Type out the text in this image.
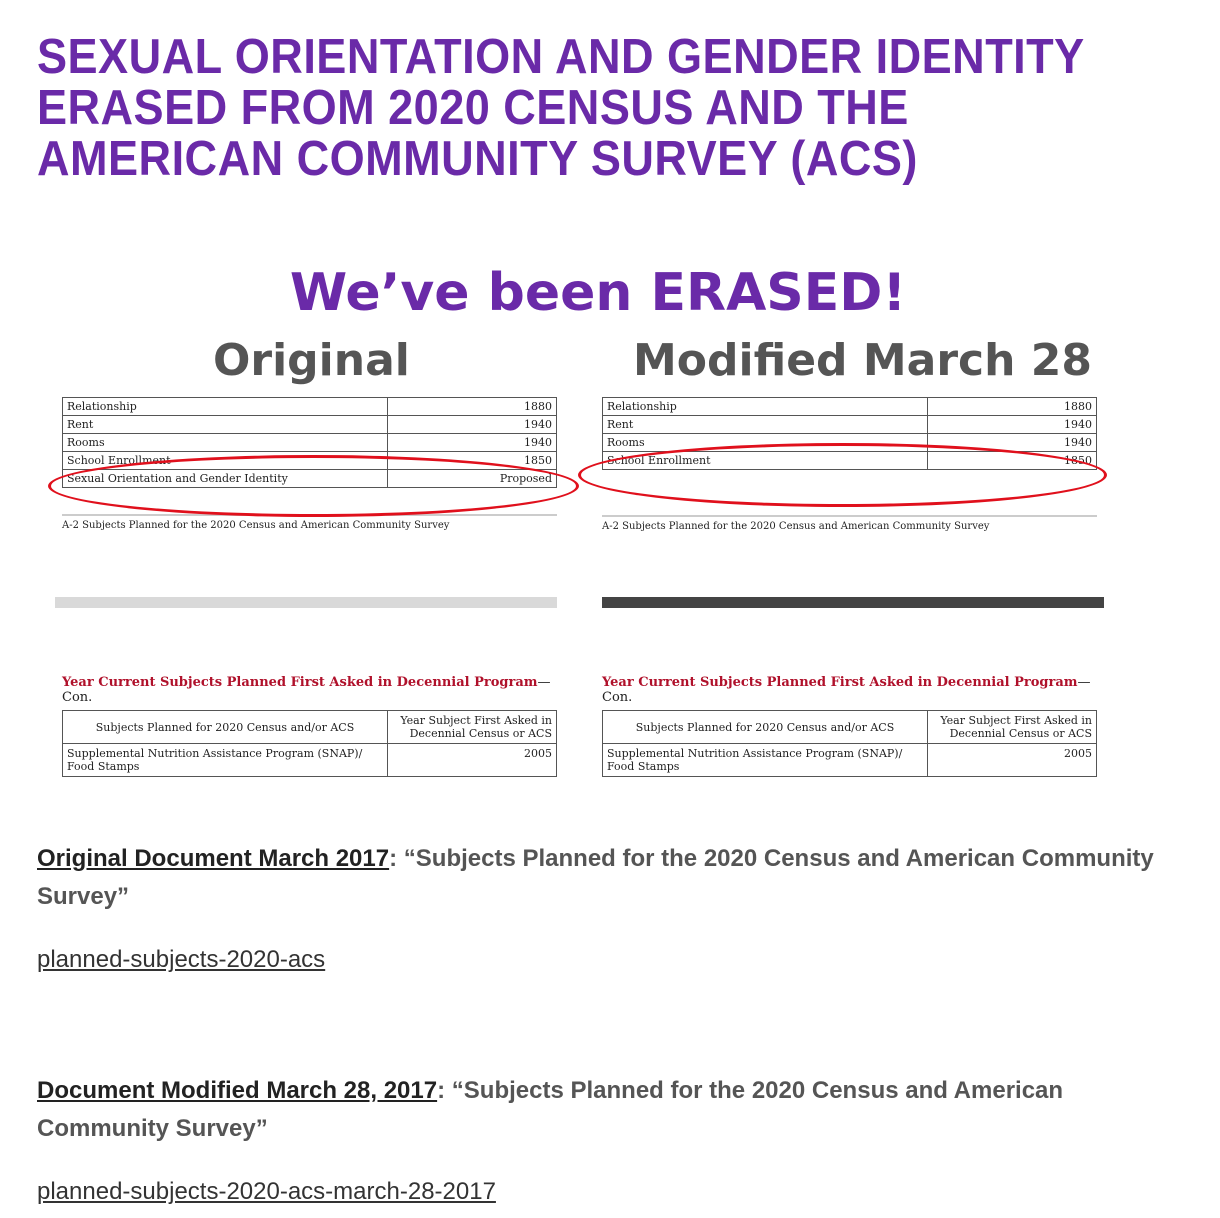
SEXUAL ORIENTATION AND GENDER IDENTITY ERASED FROM 2020 CENSUS AND THE AMERICAN COMMUNITY SURVEY (ACS)

We’ve been ERASED!

Original	Modified March 28

Relationship	1880
Rent	1940
Rooms	1940
School Enrollment	1850
Sexual Orientation and Gender Identity	Proposed
A-2 Subjects Planned for the 2020 Census and American Community Survey
Relationship	1880
Rent	1940
Rooms	1940
School Enrollment	1850
A-2 Subjects Planned for the 2020 Census and American Community Survey

Year Current Subjects Planned First Asked in Decennial Program—Con.

Year Current Subjects Planned First Asked in Decennial Program—Con.

Subjects Planned for 2020 Census and/or ACS	Year Subject First Asked in Decennial Census or ACS
Supplemental Nutrition Assistance Program (SNAP)/ Food Stamps	2005
Subjects Planned for 2020 Census and/or ACS	Year Subject First Asked in Decennial Census or ACS
Supplemental Nutrition Assistance Program (SNAP)/ Food Stamps	2005

Original Document March 2017: “Subjects Planned for the 2020 Census and American Community Survey”

planned-subjects-2020-acs

Document Modified March 28, 2017: “Subjects Planned for the 2020 Census and American Community Survey”

planned-subjects-2020-acs-march-28-2017
